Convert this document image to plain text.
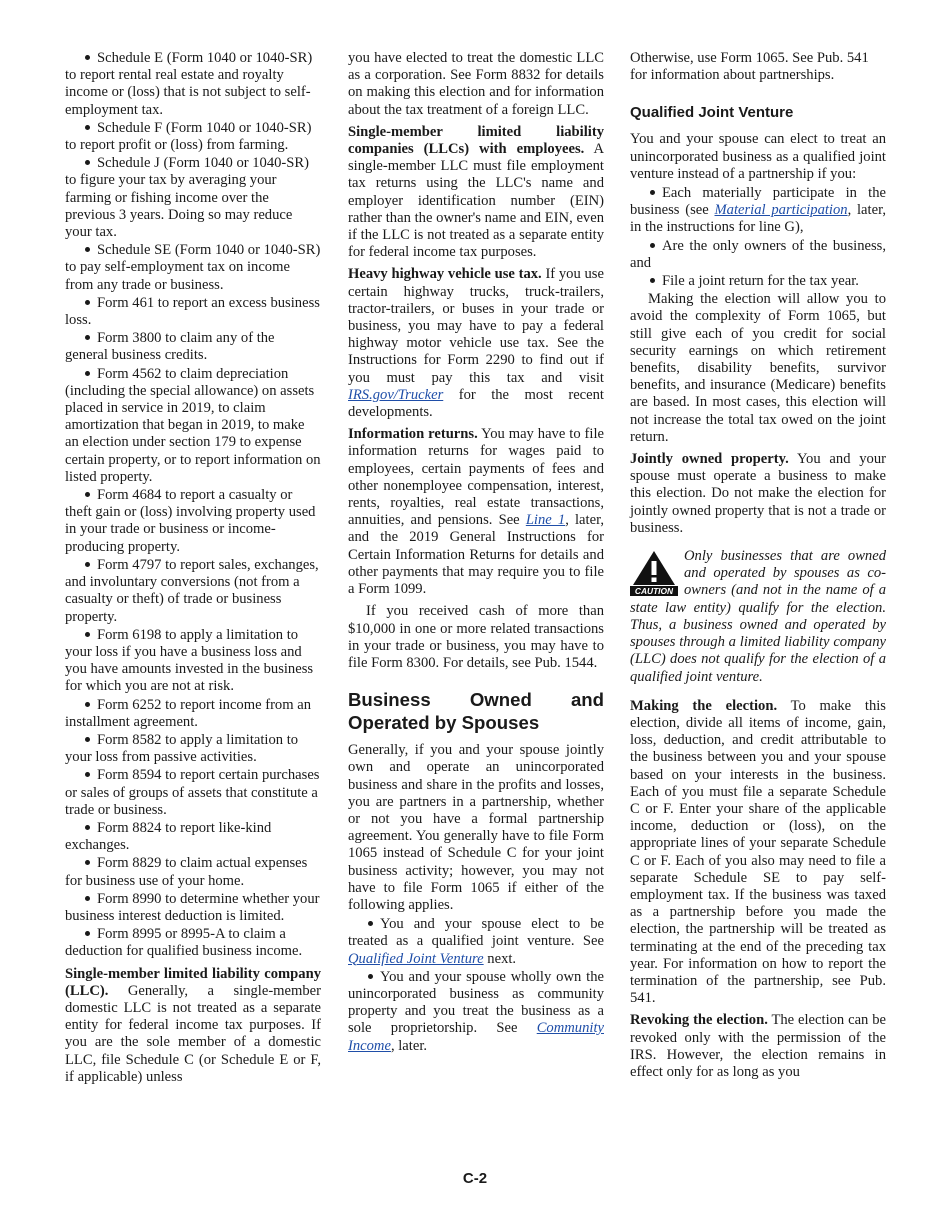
Schedule E (Form 1040 or 1040-SR) to report rental real estate and royalty income or (loss) that is not subject to self-employment tax.

Schedule F (Form 1040 or 1040-SR) to report profit or (loss) from farming.

Schedule J (Form 1040 or 1040-SR) to figure your tax by averaging your farming or fishing income over the previous 3 years. Doing so may reduce your tax.

Schedule SE (Form 1040 or 1040-SR) to pay self-employment tax on income from any trade or business.

Form 461 to report an excess business loss.

Form 3800 to claim any of the general business credits.

Form 4562 to claim depreciation (including the special allowance) on assets placed in service in 2019, to claim amortization that began in 2019, to make an election under section 179 to expense certain property, or to report information on listed property.

Form 4684 to report a casualty or theft gain or (loss) involving property used in your trade or business or income-producing property.

Form 4797 to report sales, exchanges, and involuntary conversions (not from a casualty or theft) of trade or business property.

Form 6198 to apply a limitation to your loss if you have a business loss and you have amounts invested in the business for which you are not at risk.

Form 6252 to report income from an installment agreement.

Form 8582 to apply a limitation to your loss from passive activities.

Form 8594 to report certain purchases or sales of groups of assets that constitute a trade or business.

Form 8824 to report like-kind exchanges.

Form 8829 to claim actual expenses for business use of your home.

Form 8990 to determine whether your business interest deduction is limited.

Form 8995 or 8995-A to claim a deduction for qualified business income.

Single-member limited liability company (LLC). Generally, a single-member domestic LLC is not treated as a separate entity for federal income tax purposes. If you are the sole member of a domestic LLC, file Schedule C (or Schedule E or F, if applicable) unless

you have elected to treat the domestic LLC as a corporation. See Form 8832 for details on making this election and for information about the tax treatment of a foreign LLC.

Single-member limited liability companies (LLCs) with employees. A single-member LLC must file employment tax returns using the LLC's name and employer identification number (EIN) rather than the owner's name and EIN, even if the LLC is not treated as a separate entity for federal income tax purposes.

Heavy highway vehicle use tax. If you use certain highway trucks, truck-trailers, tractor-trailers, or buses in your trade or business, you may have to pay a federal highway motor vehicle use tax. See the Instructions for Form 2290 to find out if you must pay this tax and visit IRS.gov/Trucker for the most recent developments.

Information returns. You may have to file information returns for wages paid to employees, certain payments of fees and other nonemployee compensation, interest, rents, royalties, real estate transactions, annuities, and pensions. See Line 1, later, and the 2019 General Instructions for Certain Information Returns for details and other payments that may require you to file a Form 1099.

If you received cash of more than $10,000 in one or more related transactions in your trade or business, you may have to file Form 8300. For details, see Pub. 1544.

Business Owned and Operated by Spouses

Generally, if you and your spouse jointly own and operate an unincorporated business and share in the profits and losses, you are partners in a partnership, whether or not you have a formal partnership agreement. You generally have to file Form 1065 instead of Schedule C for your joint business activity; however, you may not have to file Form 1065 if either of the following applies.

You and your spouse elect to be treated as a qualified joint venture. See Qualified Joint Venture next.

You and your spouse wholly own the unincorporated business as community property and you treat the business as a sole proprietorship. See Community Income, later.

Otherwise, use Form 1065. See Pub. 541 for information about partnerships.

Qualified Joint Venture

You and your spouse can elect to treat an unincorporated business as a qualified joint venture instead of a partnership if you:

Each materially participate in the business (see Material participation, later, in the instructions for line G),

Are the only owners of the business, and

File a joint return for the tax year.

Making the election will allow you to avoid the complexity of Form 1065, but still give each of you credit for social security earnings on which retirement benefits, disability benefits, survivor benefits, and insurance (Medicare) benefits are based. In most cases, this election will not increase the total tax owed on the joint return.

Jointly owned property. You and your spouse must operate a business to make this election. Do not make the election for jointly owned property that is not a trade or business.

CAUTION
Only businesses that are owned and operated by spouses as co-owners (and not in the name of a state law entity) qualify for the election. Thus, a business owned and operated by spouses through a limited liability company (LLC) does not qualify for the election of a qualified joint venture.

Making the election. To make this election, divide all items of income, gain, loss, deduction, and credit attributable to the business between you and your spouse based on your interests in the business. Each of you must file a separate Schedule C or F. Enter your share of the applicable income, deduction or (loss), on the appropriate lines of your separate Schedule C or F. Each of you also may need to file a separate Schedule SE to pay self-employment tax. If the business was taxed as a partnership before you made the election, the partnership will be treated as terminating at the end of the preceding tax year. For information on how to report the termination of the partnership, see Pub. 541.

Revoking the election. The election can be revoked only with the permission of the IRS. However, the election remains in effect only for as long as you

C-2
